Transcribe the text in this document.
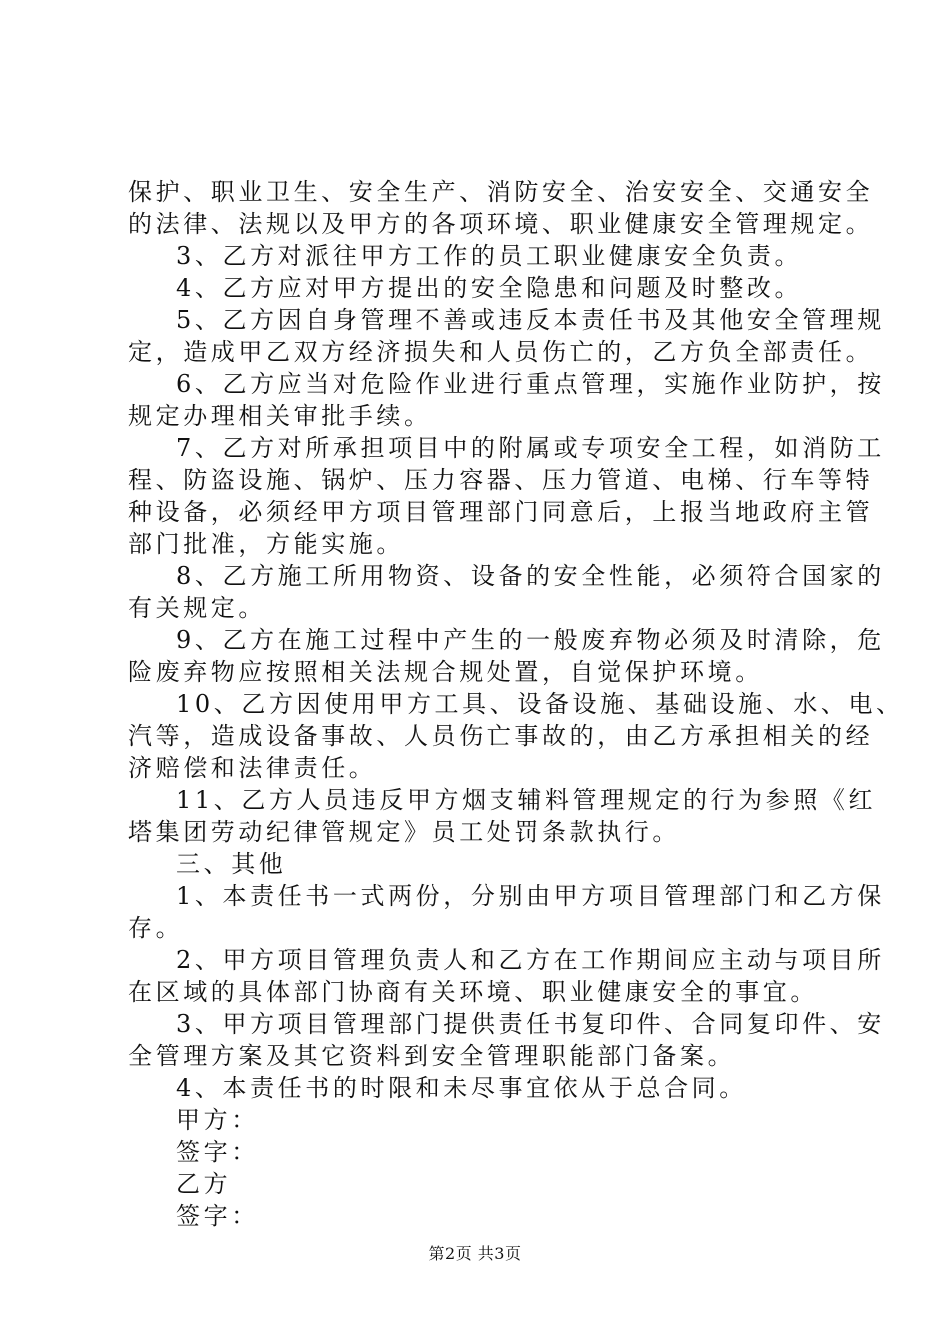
保护、职业卫生、安全生产、消防安全、治安安全、交通安全
的法律、法规以及甲方的各项环境、职业健康安全管理规定。
3、乙方对派往甲方工作的员工职业健康安全负责。
4、乙方应对甲方提出的安全隐患和问题及时整改。
5、乙方因自身管理不善或违反本责任书及其他安全管理规
定，造成甲乙双方经济损失和人员伤亡的，乙方负全部责任。
6、乙方应当对危险作业进行重点管理，实施作业防护，按
规定办理相关审批手续。
7、乙方对所承担项目中的附属或专项安全工程，如消防工
程、防盗设施、锅炉、压力容器、压力管道、电梯、行车等特
种设备，必须经甲方项目管理部门同意后，上报当地政府主管
部门批准，方能实施。
8、乙方施工所用物资、设备的安全性能，必须符合国家的
有关规定。
9、乙方在施工过程中产生的一般废弃物必须及时清除，危
险废弃物应按照相关法规合规处置，自觉保护环境。
10、乙方因使用甲方工具、设备设施、基础设施、水、电、
汽等，造成设备事故、人员伤亡事故的，由乙方承担相关的经
济赔偿和法律责任。
11、乙方人员违反甲方烟支辅料管理规定的行为参照《红
塔集团劳动纪律管规定》员工处罚条款执行。
三、其他
1、本责任书一式两份，分别由甲方项目管理部门和乙方保
存。
2、甲方项目管理负责人和乙方在工作期间应主动与项目所
在区域的具体部门协商有关环境、职业健康安全的事宜。
3、甲方项目管理部门提供责任书复印件、合同复印件、安
全管理方案及其它资料到安全管理职能部门备案。
4、本责任书的时限和未尽事宜依从于总合同。
甲方：
签字：
乙方
签字：
第2页 共3页
